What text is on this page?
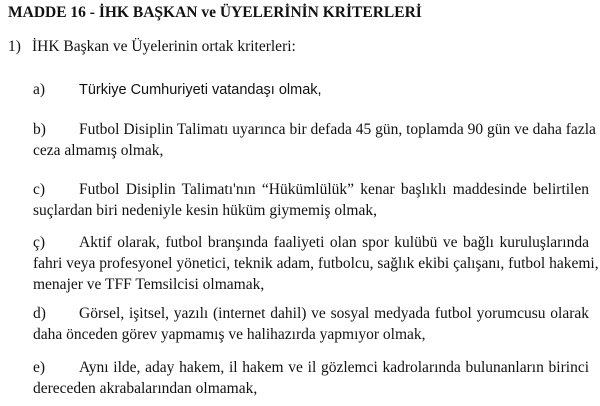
MADDE 16 - İHK BAŞKAN ve ÜYELERİNİN KRİTERLERİ
1) İHK Başkan ve Üyelerinin ortak kriterleri:
a) Türkiye Cumhuriyeti vatandaşı olmak,
b) Futbol Disiplin Talimatı uyarınca bir defada 45 gün, toplamda 90 gün ve daha fazla
ceza almamış olmak,
c) Futbol Disiplin Talimatı'nın “Hükümlülük” kenar başlıklı maddesinde belirtilen
suçlardan biri nedeniyle kesin hüküm giymemiş olmak,
ç) Aktif olarak, futbol branşında faaliyeti olan spor kulübü ve bağlı kuruluşlarında
fahri veya profesyonel yönetici, teknik adam, futbolcu, sağlık ekibi çalışanı, futbol hakemi,
menajer ve TFF Temsilcisi olmamak,
d) Görsel, işitsel, yazılı (internet dahil) ve sosyal medyada futbol yorumcusu olarak
daha önceden görev yapmamış ve halihazırda yapmıyor olmak,
e) Aynı ilde, aday hakem, il hakem ve il gözlemci kadrolarında bulunanların birinci
dereceden akrabalarından olmamak,
